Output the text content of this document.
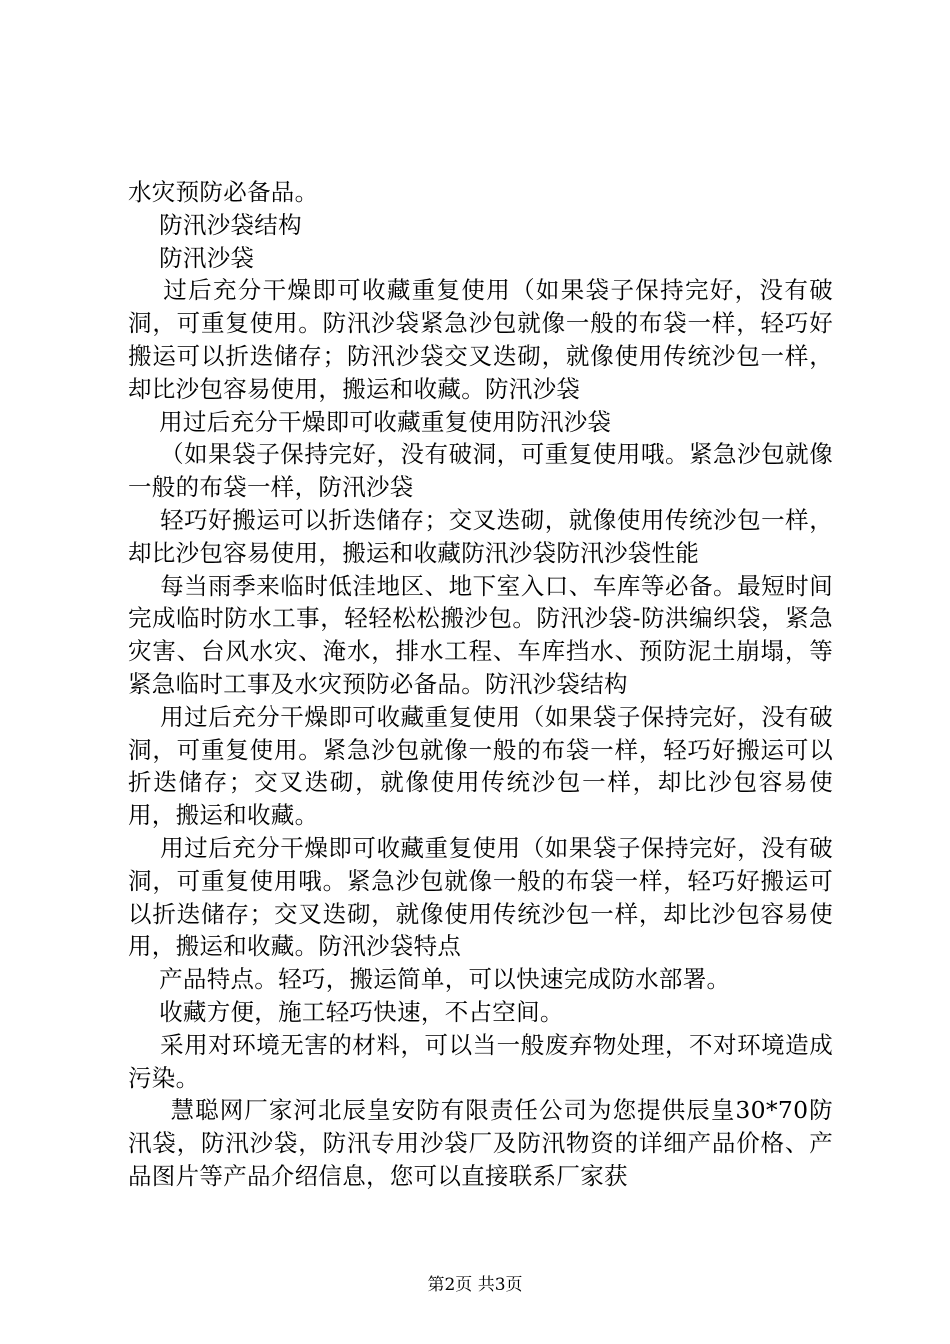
水灾预防必备品。

防汛沙袋结构

防汛沙袋

过后充分干燥即可收藏重复使用（如果袋子保持完好，没有破洞，可重复使用。防汛沙袋紧急沙包就像一般的布袋一样，轻巧好搬运可以折迭储存；防汛沙袋交叉迭砌，就像使用传统沙包一样，却比沙包容易使用，搬运和收藏。防汛沙袋

用过后充分干燥即可收藏重复使用防汛沙袋

（如果袋子保持完好，没有破洞，可重复使用哦。紧急沙包就像一般的布袋一样，防汛沙袋

轻巧好搬运可以折迭储存；交叉迭砌，就像使用传统沙包一样，却比沙包容易使用，搬运和收藏防汛沙袋防汛沙袋性能

每当雨季来临时低洼地区、地下室入口、车库等必备。最短时间完成临时防水工事，轻轻松松搬沙包。防汛沙袋-防洪编织袋，紧急灾害、台风水灾、淹水，排水工程、车库挡水、预防泥土崩塌，等紧急临时工事及水灾预防必备品。防汛沙袋结构

用过后充分干燥即可收藏重复使用（如果袋子保持完好，没有破洞，可重复使用。紧急沙包就像一般的布袋一样，轻巧好搬运可以折迭储存；交叉迭砌，就像使用传统沙包一样，却比沙包容易使用，搬运和收藏。

用过后充分干燥即可收藏重复使用（如果袋子保持完好，没有破洞，可重复使用哦。紧急沙包就像一般的布袋一样，轻巧好搬运可以折迭储存；交叉迭砌，就像使用传统沙包一样，却比沙包容易使用，搬运和收藏。防汛沙袋特点

产品特点。轻巧，搬运简单，可以快速完成防水部署。

收藏方便，施工轻巧快速，不占空间。

采用对环境无害的材料，可以当一般废弃物处理，不对环境造成污染。

慧聪网厂家河北辰皇安防有限责任公司为您提供辰皇30*70防汛袋，防汛沙袋，防汛专用沙袋厂及防汛物资的详细产品价格、产品图片等产品介绍信息，您可以直接联系厂家获

第2页 共3页
